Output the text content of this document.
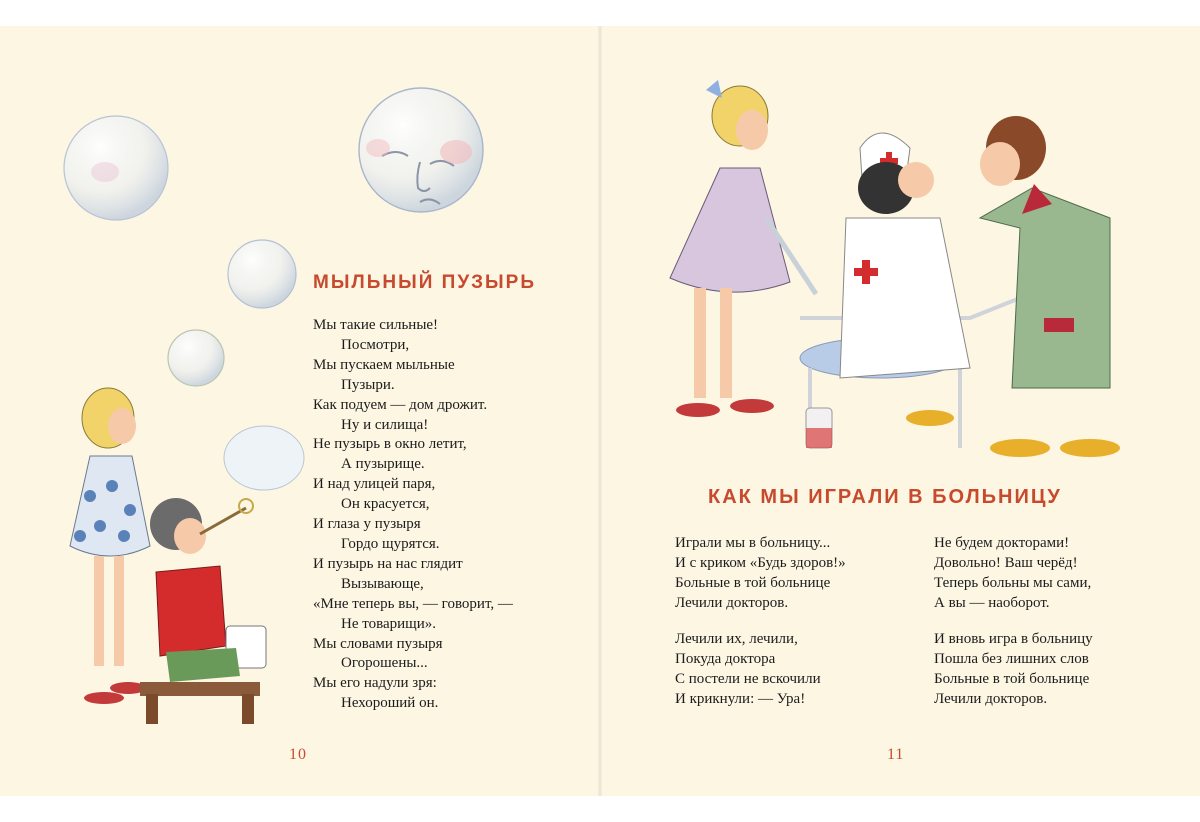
МЫЛЬНЫЙ ПУЗЫРЬ
Мы такие сильные!
Посмотри,
Мы пускаем мыльные
Пузыри.
Как подуем — дом дрожит.
Ну и силища!
Не пузырь в окно летит,
А пузырище.
И над улицей паря,
Он красуется,
И глаза у пузыря
Гордо щурятся.
И пузырь на нас глядит
Вызывающе,
«Мне теперь вы, — говорит, —
Не товарищи».
Мы словами пузыря
Огорошены...
Мы его надули зря:
Нехороший он.
10
КАК МЫ ИГРАЛИ В БОЛЬНИЦУ
Играли мы в больницу...
И с криком «Будь здоров!»
Больные в той больнице
Лечили докторов.
Лечили их, лечили,
Покуда доктора
С постели не вскочили
И крикнули: — Ура!
Не будем докторами!
Довольно! Ваш черёд!
Теперь больны мы сами,
А вы — наоборот.
И вновь игра в больницу
Пошла без лишних слов
Больные в той больнице
Лечили докторов.
11
